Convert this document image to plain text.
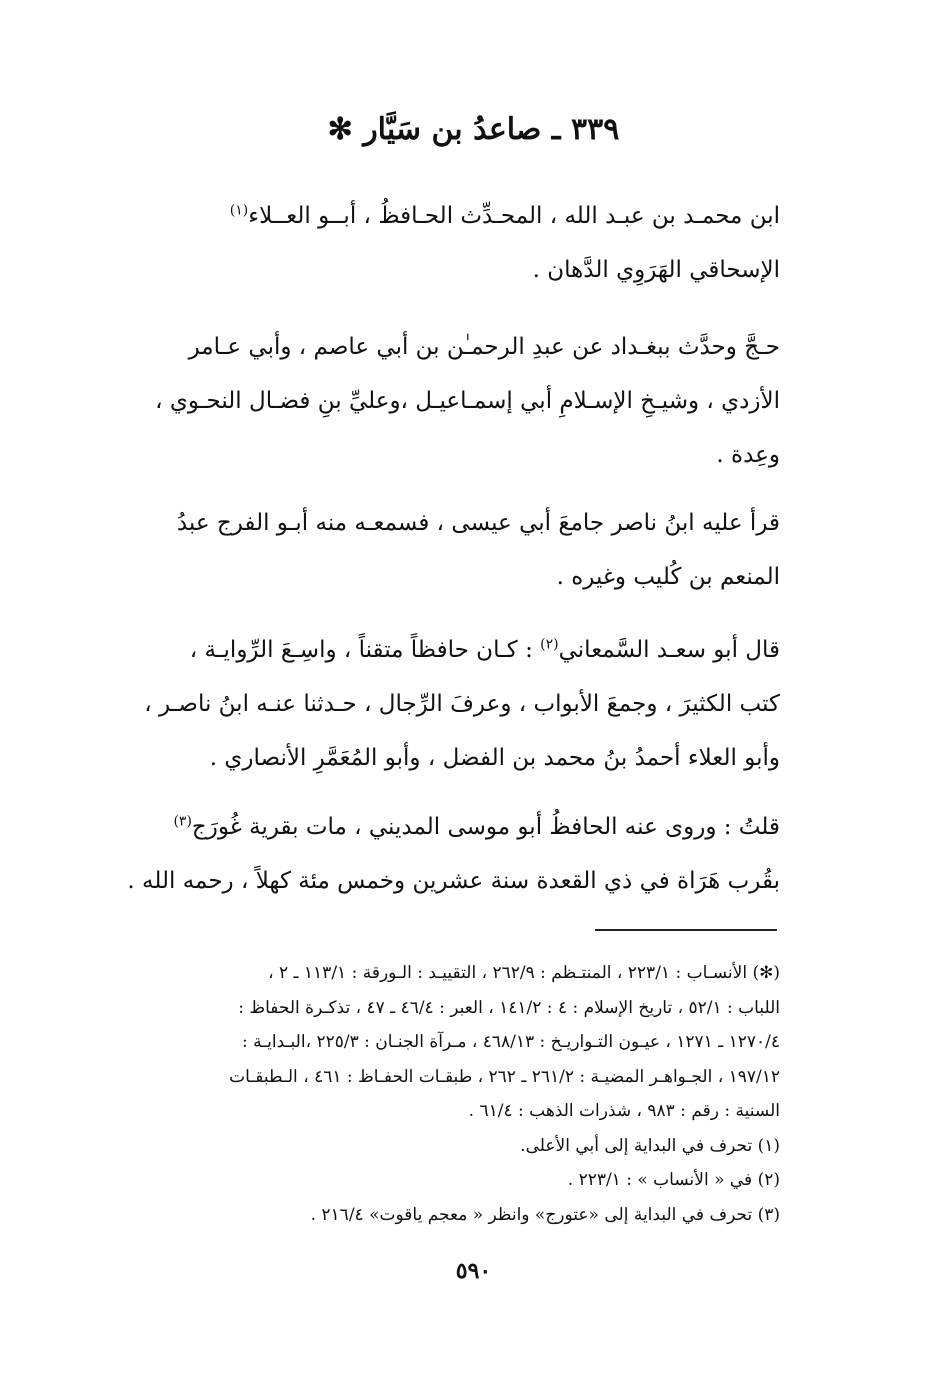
٣٣٩ ـ صاعدُ بن سَيَّار ✻
ابن محمـد بن عبـد الله ، المحـدِّث الحـافظُ ، أبــو العــلاء$^{(١)}$
الإسحاقي الهَرَوِي الدَّهان .
حـجَّ وحدَّث ببغـداد عن عبدِ الرحمـٰن بن أبي عاصم ، وأبي عـامر
الأزدي ، وشيـخِ الإسـلامِ أبي إسمـاعيـل ،وعليِّ بنِ فضـال النحـوي ،
وعِدة .
قرأ عليه ابنُ ناصر جامعَ أبي عيسى ، فسمعـه منه أبـو الفرج عبدُ
المنعم بن كُليب وغيره .
قال أبو سعـد السَّمعاني$^{(٢)}$ : كـان حافظاً متقناً ، واسِـعَ الرِّوايـة ،
كتب الكثيرَ ، وجمعَ الأبواب ، وعرفَ الرِّجال ، حـدثنا عنـه ابنُ ناصـر ،
وأبو العلاء أحمدُ بنُ محمد بن الفضل ، وأبو المُعَمَّرِ الأنصاري .
قلتُ : وروى عنه الحافظُ أبو موسى المديني ، مات بقرية غُورَج$^{(٣)}$
بقُرب هَرَاة في ذي القعدة سنة عشرين وخمس مئة كهلاً ، رحمه الله .
(✻) الأنسـاب : ٢٢٣/١ ، المنتـظم : ٢٦٢/٩ ، التقييـد : الـورقة : ١١٣/١ ـ ٢ ،
اللباب : ٥٢/١ ، تاريخ الإسلام : ٤ : ١٤١/٢ ، العبر : ٤٦/٤ ـ ٤٧ ، تذكـرة الحفاظ :
١٢٧٠/٤ ـ ١٢٧١ ، عيـون التـواريـخ : ٤٦٨/١٣ ، مـرآة الجنـان : ٢٢٥/٣ ،البـدايـة :
١٩٧/١٢ ، الجـواهـر المضيـة : ٢٦١/٢ ـ ٢٦٢ ، طبقـات الحفـاظ : ٤٦١ ، الـطبقـات
السنية : رقم : ٩٨٣ ، شذرات الذهب : ٦١/٤ .
(١) تحرف في البداية إلى أبي الأعلى.
(٢) في « الأنساب » : ٢٢٣/١ .
(٣) تحرف في البداية إلى «عتورج» وانظر « معجم ياقوت» ٢١٦/٤ .
٥٩٠
